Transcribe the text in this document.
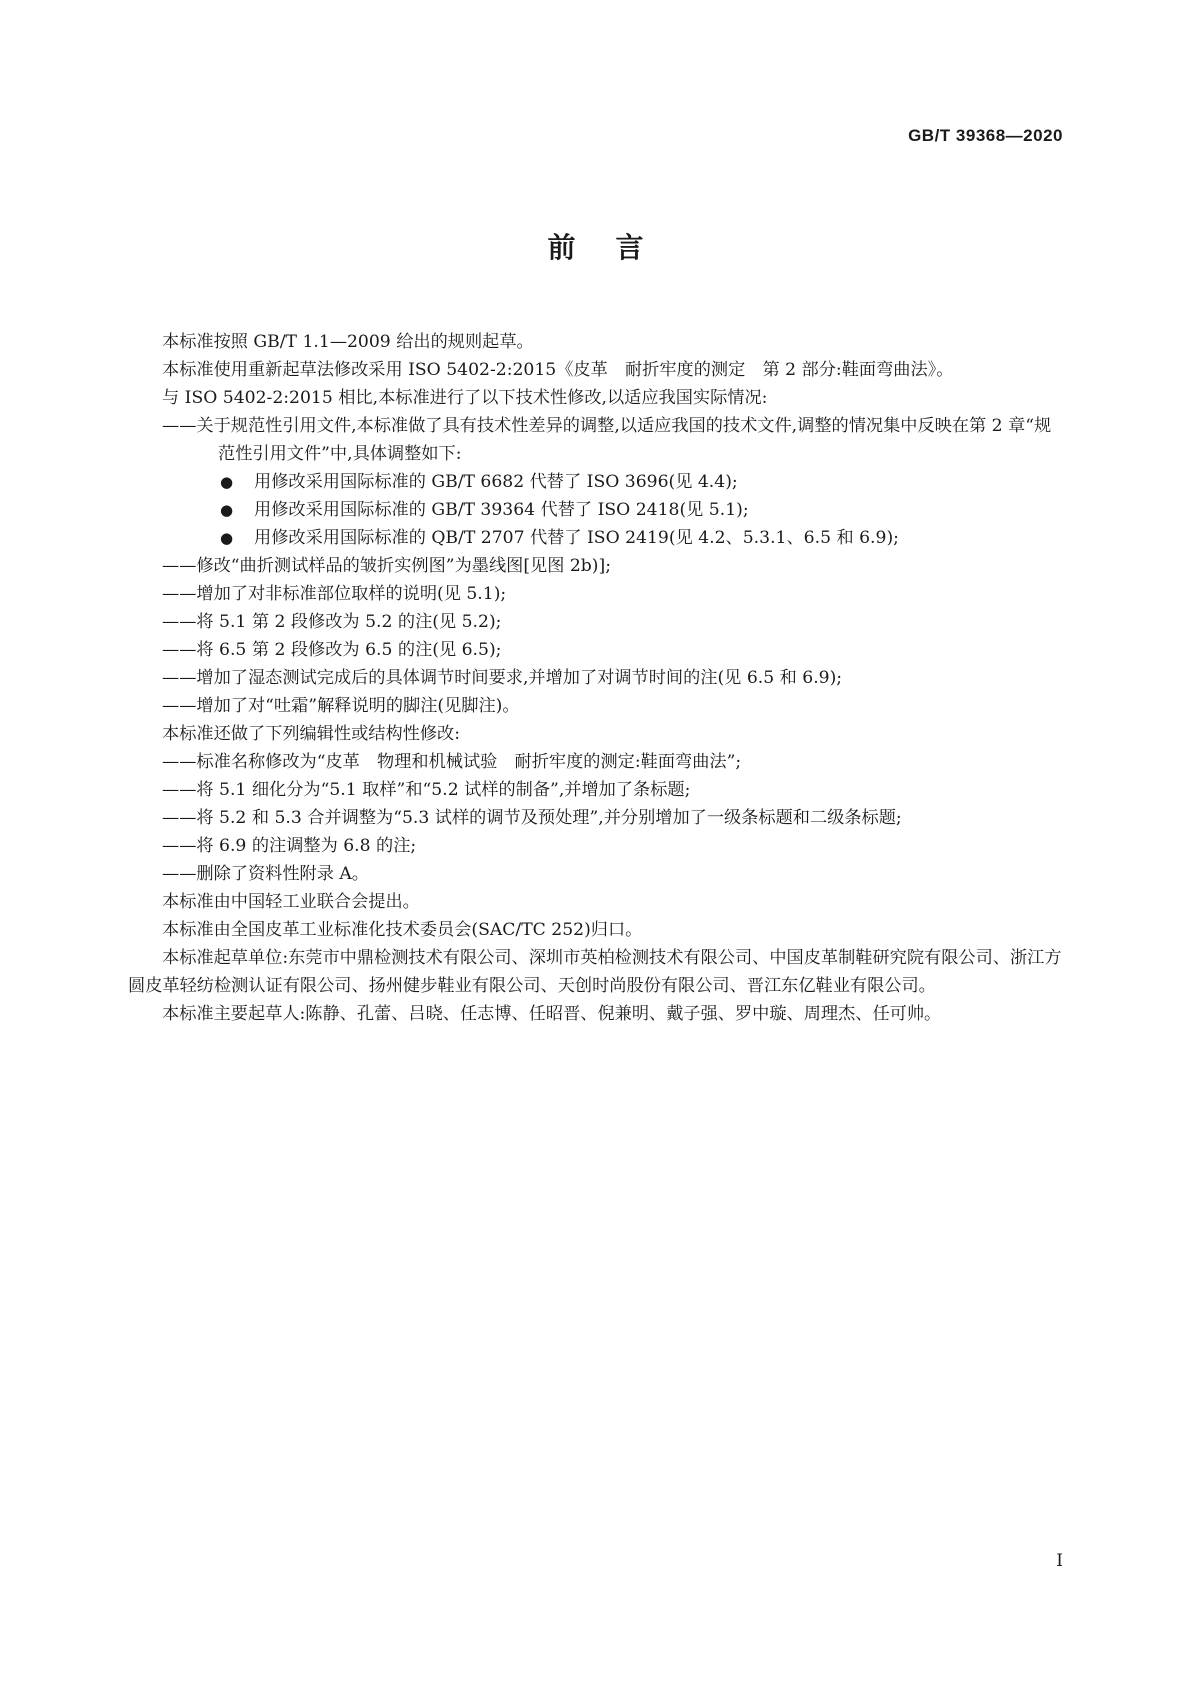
GB/T 39368—2020
前言

本标准按照 GB/T 1.1—2009 给出的规则起草。

本标准使用重新起草法修改采用 ISO 5402-2:2015《皮革　耐折牢度的测定　第 2 部分:鞋面弯曲法》。

与 ISO 5402-2:2015 相比,本标准进行了以下技术性修改,以适应我国实际情况:

——关于规范性引用文件,本标准做了具有技术性差异的调整,以适应我国的技术文件,调整的情况集中反映在第 2 章“规范性引用文件”中,具体调整如下:

● 用修改采用国际标准的 GB/T 6682 代替了 ISO 3696(见 4.4);

● 用修改采用国际标准的 GB/T 39364 代替了 ISO 2418(见 5.1);

● 用修改采用国际标准的 QB/T 2707 代替了 ISO 2419(见 4.2、5.3.1、6.5 和 6.9);

——修改“曲折测试样品的皱折实例图”为墨线图[见图 2b)];

——增加了对非标准部位取样的说明(见 5.1);

——将 5.1 第 2 段修改为 5.2 的注(见 5.2);

——将 6.5 第 2 段修改为 6.5 的注(见 6.5);

——增加了湿态测试完成后的具体调节时间要求,并增加了对调节时间的注(见 6.5 和 6.9);

——增加了对“吐霜”解释说明的脚注(见脚注)。

本标准还做了下列编辑性或结构性修改:

——标准名称修改为“皮革　物理和机械试验　耐折牢度的测定:鞋面弯曲法”;

——将 5.1 细化分为“5.1 取样”和“5.2 试样的制备”,并增加了条标题;

——将 5.2 和 5.3 合并调整为“5.3 试样的调节及预处理”,并分别增加了一级条标题和二级条标题;

——将 6.9 的注调整为 6.8 的注;

——删除了资料性附录 A。

本标准由中国轻工业联合会提出。

本标准由全国皮革工业标准化技术委员会(SAC/TC 252)归口。

本标准起草单位:东莞市中鼎检测技术有限公司、深圳市英柏检测技术有限公司、中国皮革制鞋研究院有限公司、浙江方圆皮革轻纺检测认证有限公司、扬州健步鞋业有限公司、天创时尚股份有限公司、晋江东亿鞋业有限公司。

本标准主要起草人:陈静、孔蕾、吕晓、任志博、任昭晋、倪兼明、戴子强、罗中璇、周理杰、任可帅。

I
